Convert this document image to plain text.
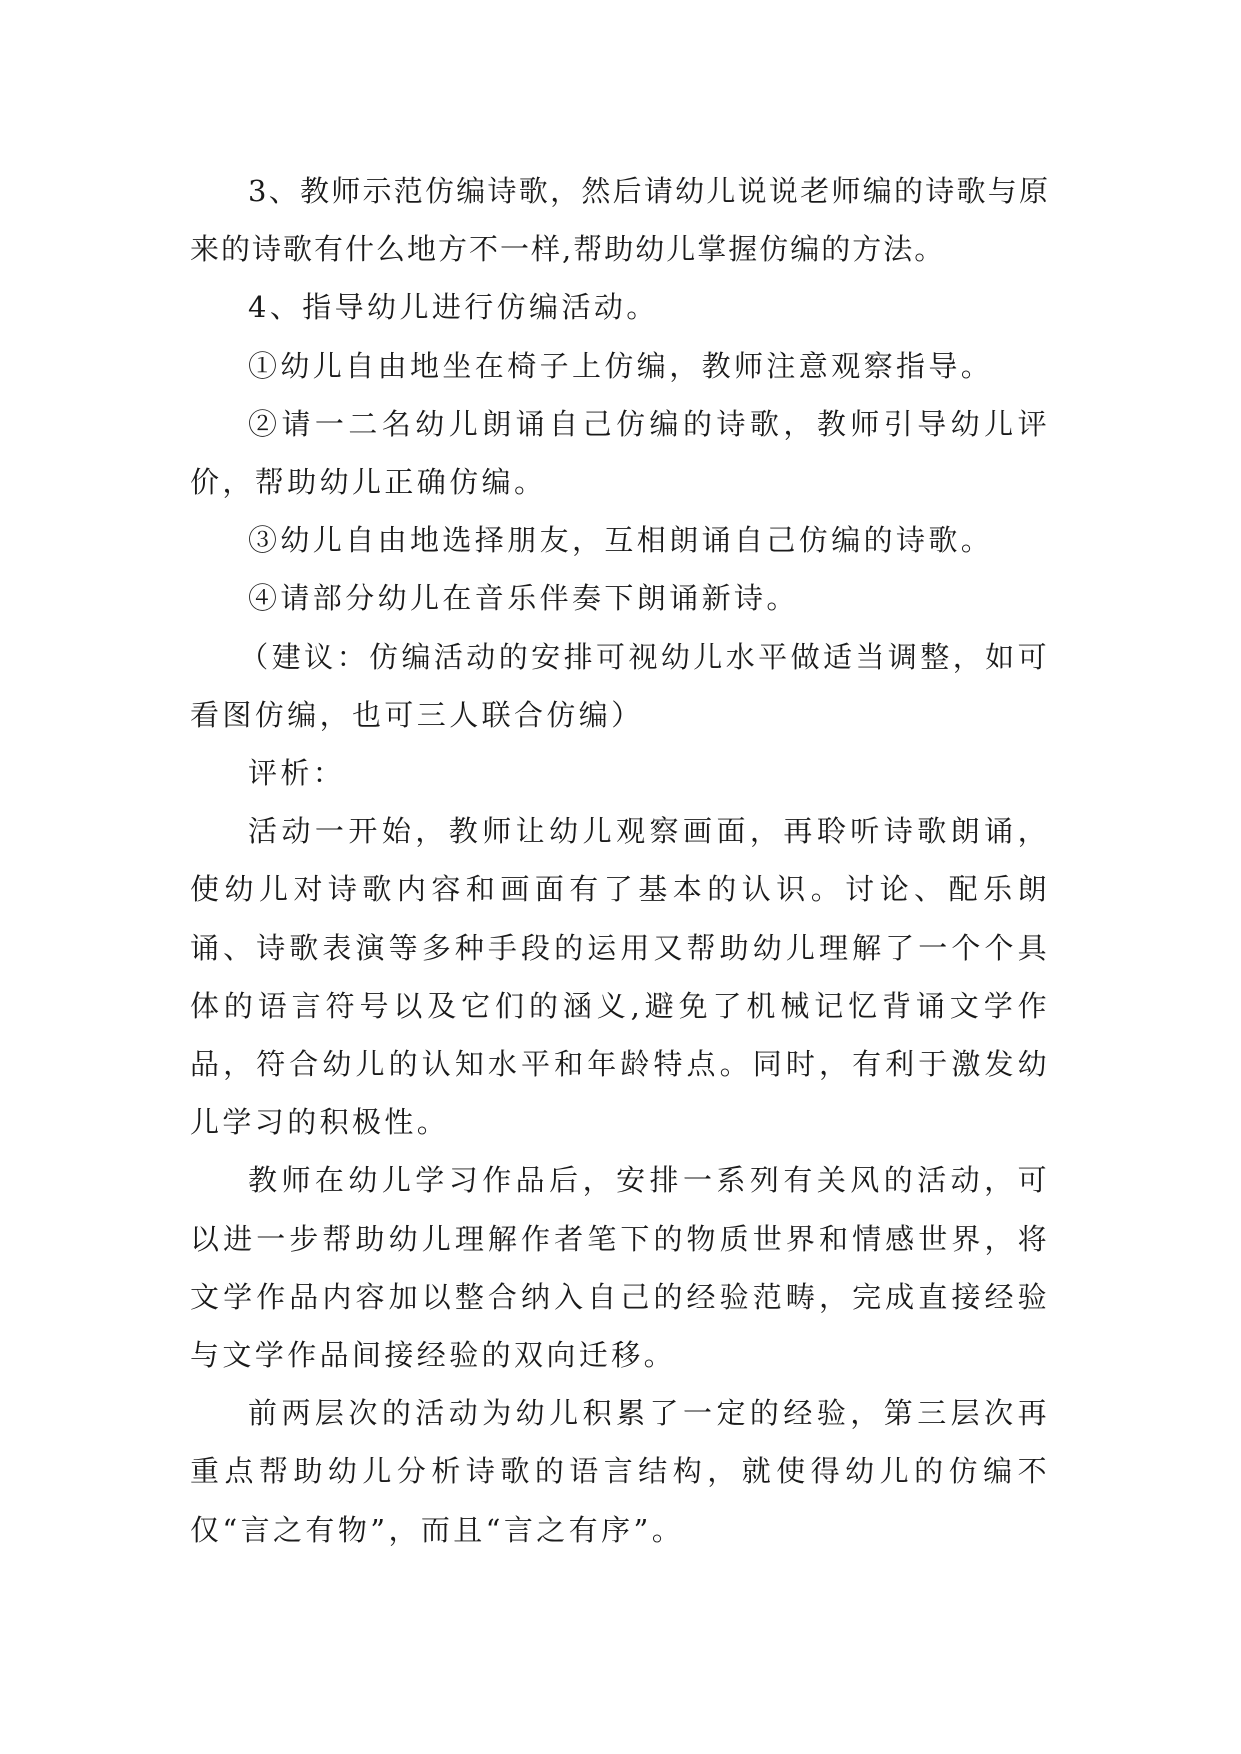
3、教师示范仿编诗歌，然后请幼儿说说老师编的诗歌与原来的诗歌有什么地方不一样,帮助幼儿掌握仿编的方法。

4、指导幼儿进行仿编活动。

①幼儿自由地坐在椅子上仿编，教师注意观察指导。

②请一二名幼儿朗诵自己仿编的诗歌，教师引导幼儿评价，帮助幼儿正确仿编。

③幼儿自由地选择朋友，互相朗诵自己仿编的诗歌。

④请部分幼儿在音乐伴奏下朗诵新诗。

（建议：仿编活动的安排可视幼儿水平做适当调整，如可看图仿编，也可三人联合仿编）

评析：

活动一开始，教师让幼儿观察画面，再聆听诗歌朗诵，使幼儿对诗歌内容和画面有了基本的认识。讨论、配乐朗诵、诗歌表演等多种手段的运用又帮助幼儿理解了一个个具体的语言符号以及它们的涵义,避免了机械记忆背诵文学作品，符合幼儿的认知水平和年龄特点。同时，有利于激发幼儿学习的积极性。

教师在幼儿学习作品后，安排一系列有关风的活动，可以进一步帮助幼儿理解作者笔下的物质世界和情感世界，将文学作品内容加以整合纳入自己的经验范畴，完成直接经验与文学作品间接经验的双向迁移。

前两层次的活动为幼儿积累了一定的经验，第三层次再重点帮助幼儿分析诗歌的语言结构，就使得幼儿的仿编不仅“言之有物”，而且“言之有序”。
